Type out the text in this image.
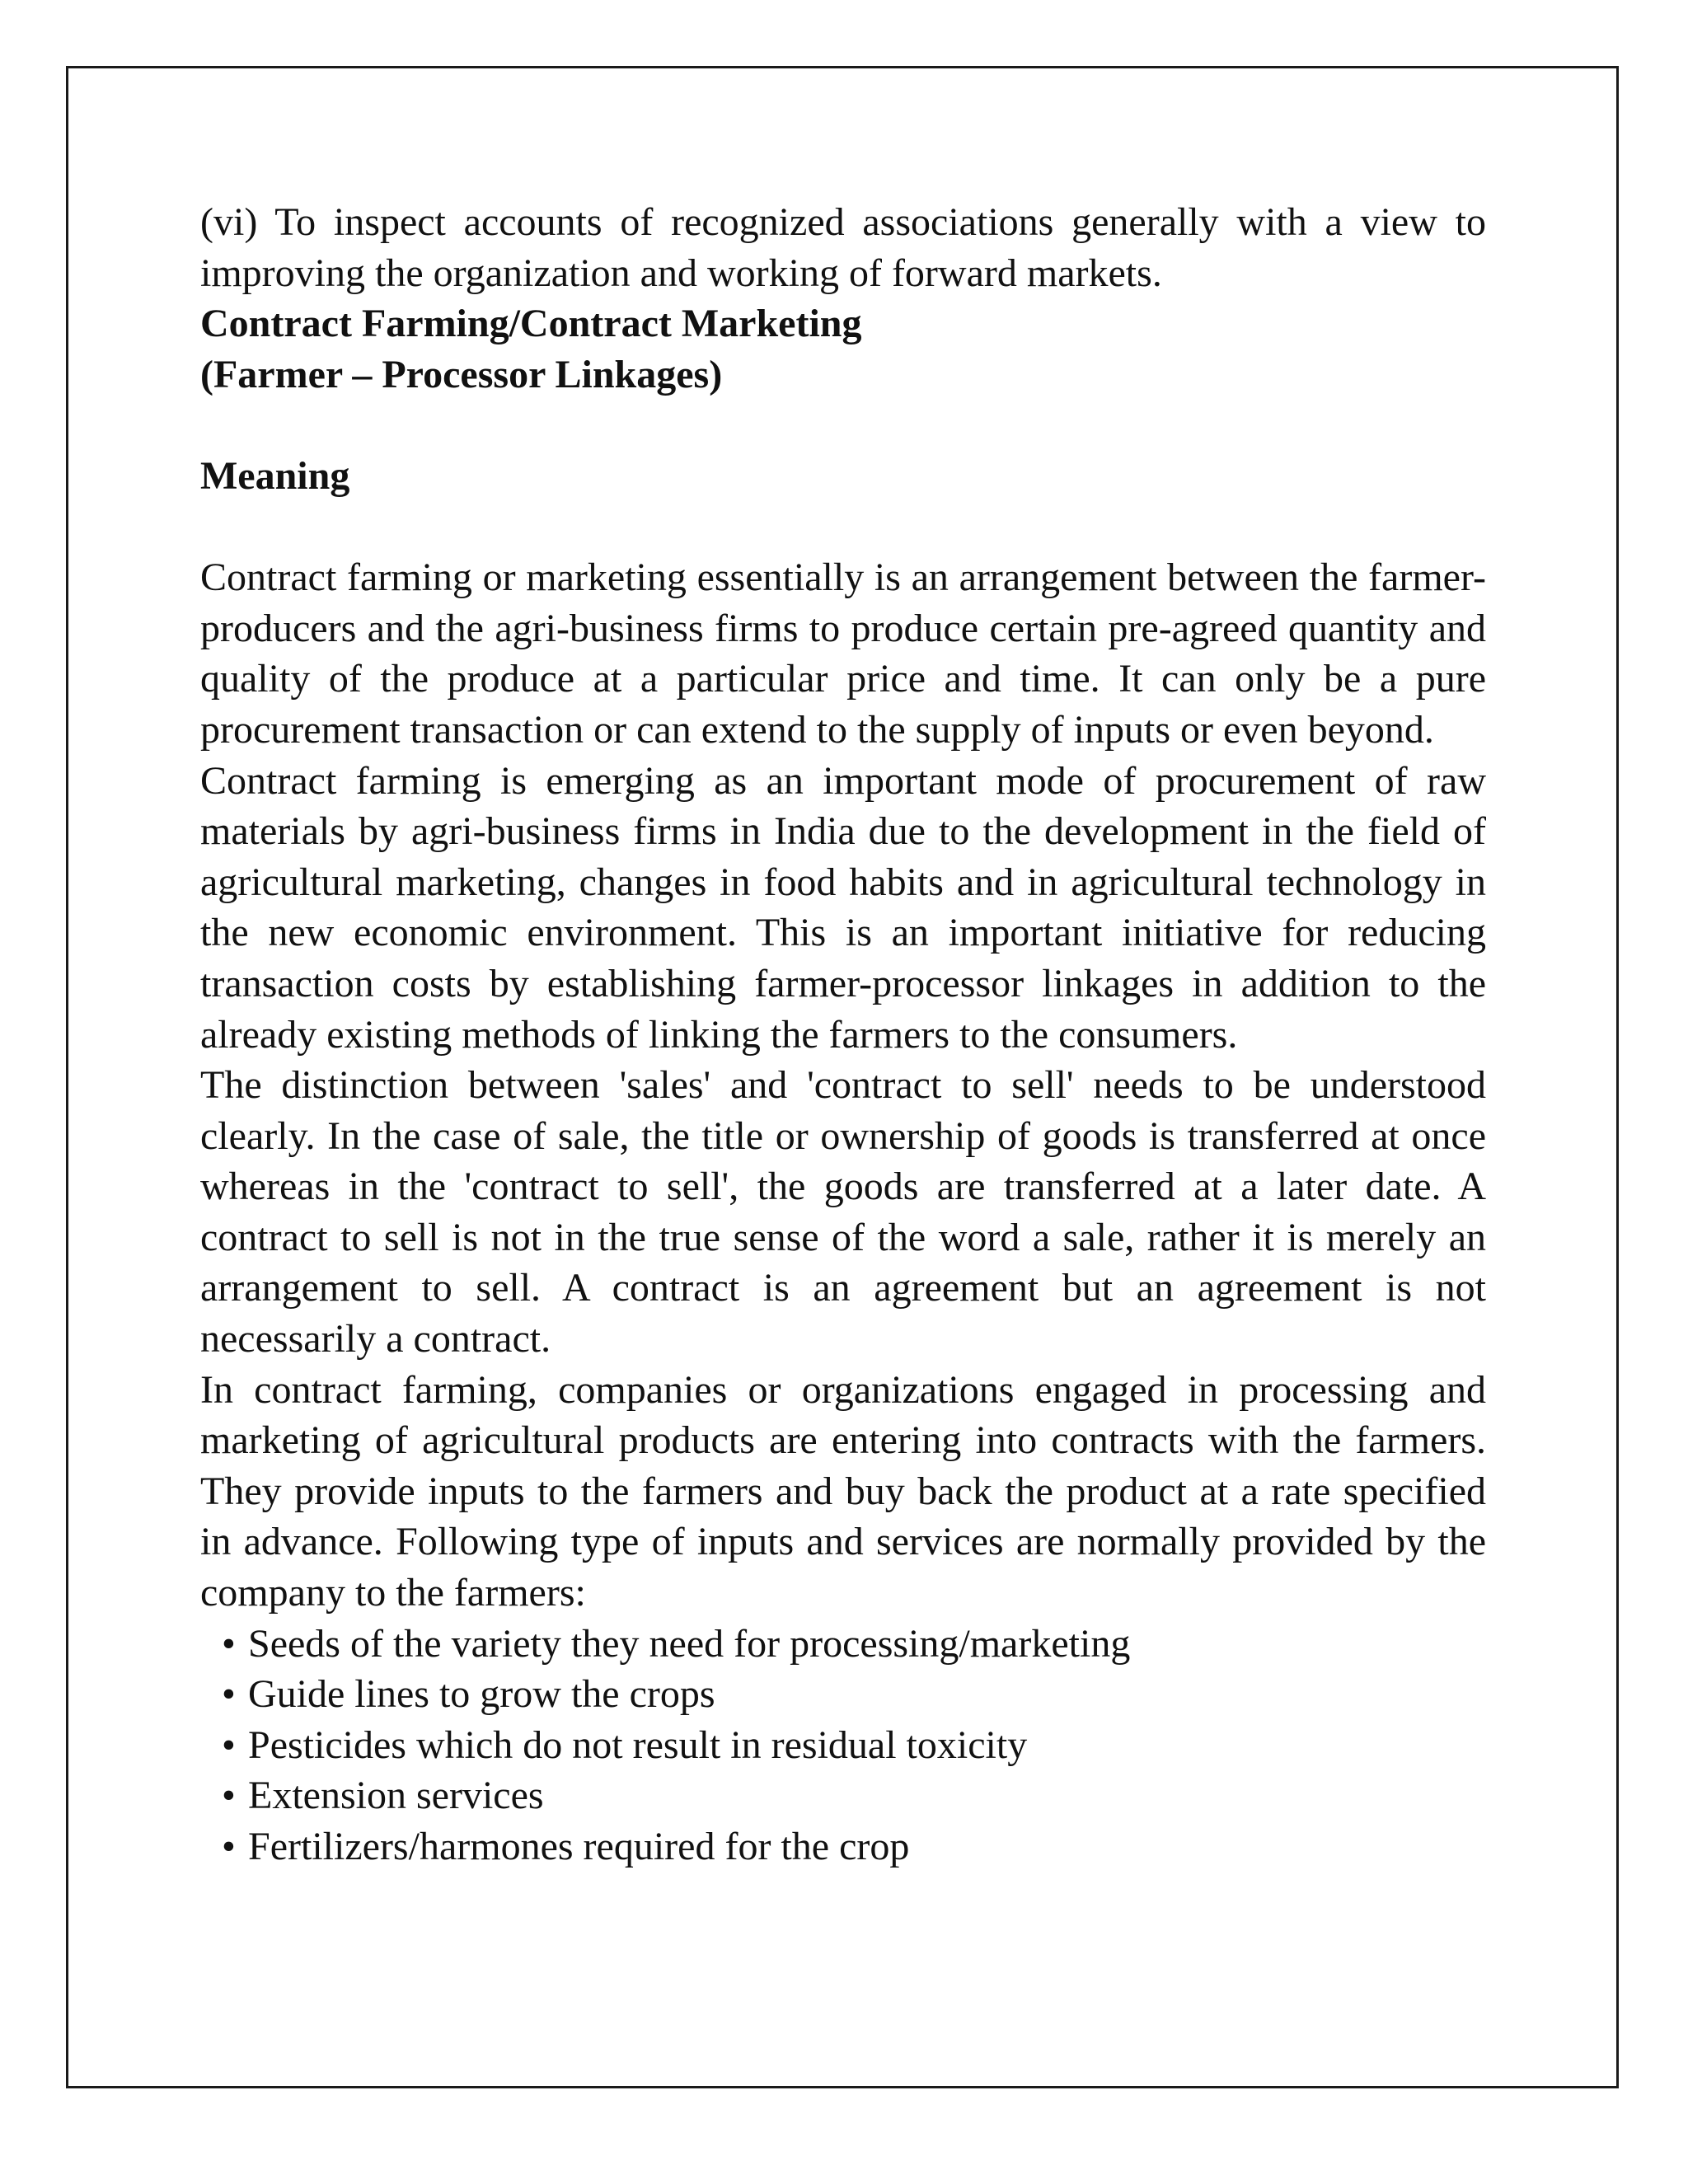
(vi) To inspect accounts of recognized associations generally with a view to improving the organization and working of forward markets.

Contract Farming/Contract Marketing

(Farmer – Processor Linkages)

Meaning

Contract farming or marketing essentially is an arrangement between the farmer-producers and the agri-business firms to produce certain pre-agreed quantity and quality of the produce at a particular price and time. It can only be a pure procurement transaction or can extend to the supply of inputs or even beyond.

Contract farming is emerging as an important mode of procurement of raw materials by agri-business firms in India due to the development in the field of agricultural marketing, changes in food habits and in agricultural technology in the new economic environment. This is an important initiative for reducing transaction costs by establishing farmer-processor linkages in addition to the already existing methods of linking the farmers to the consumers.

The distinction between 'sales' and 'contract to sell' needs to be understood clearly. In the case of sale, the title or ownership of goods is transferred at once whereas in the 'contract to sell', the goods are transferred at a later date. A contract to sell is not in the true sense of the word a sale, rather it is merely an arrangement to sell. A contract is an agreement but an agreement is not necessarily a contract.

In contract farming, companies or organizations engaged in processing and marketing of agricultural products are entering into contracts with the farmers. They provide inputs to the farmers and buy back the product at a rate specified in advance. Following type of inputs and services are normally provided by the company to the farmers:

• Seeds of the variety they need for processing/marketing
• Guide lines to grow the crops
• Pesticides which do not result in residual toxicity
• Extension services
• Fertilizers/harmones required for the crop
